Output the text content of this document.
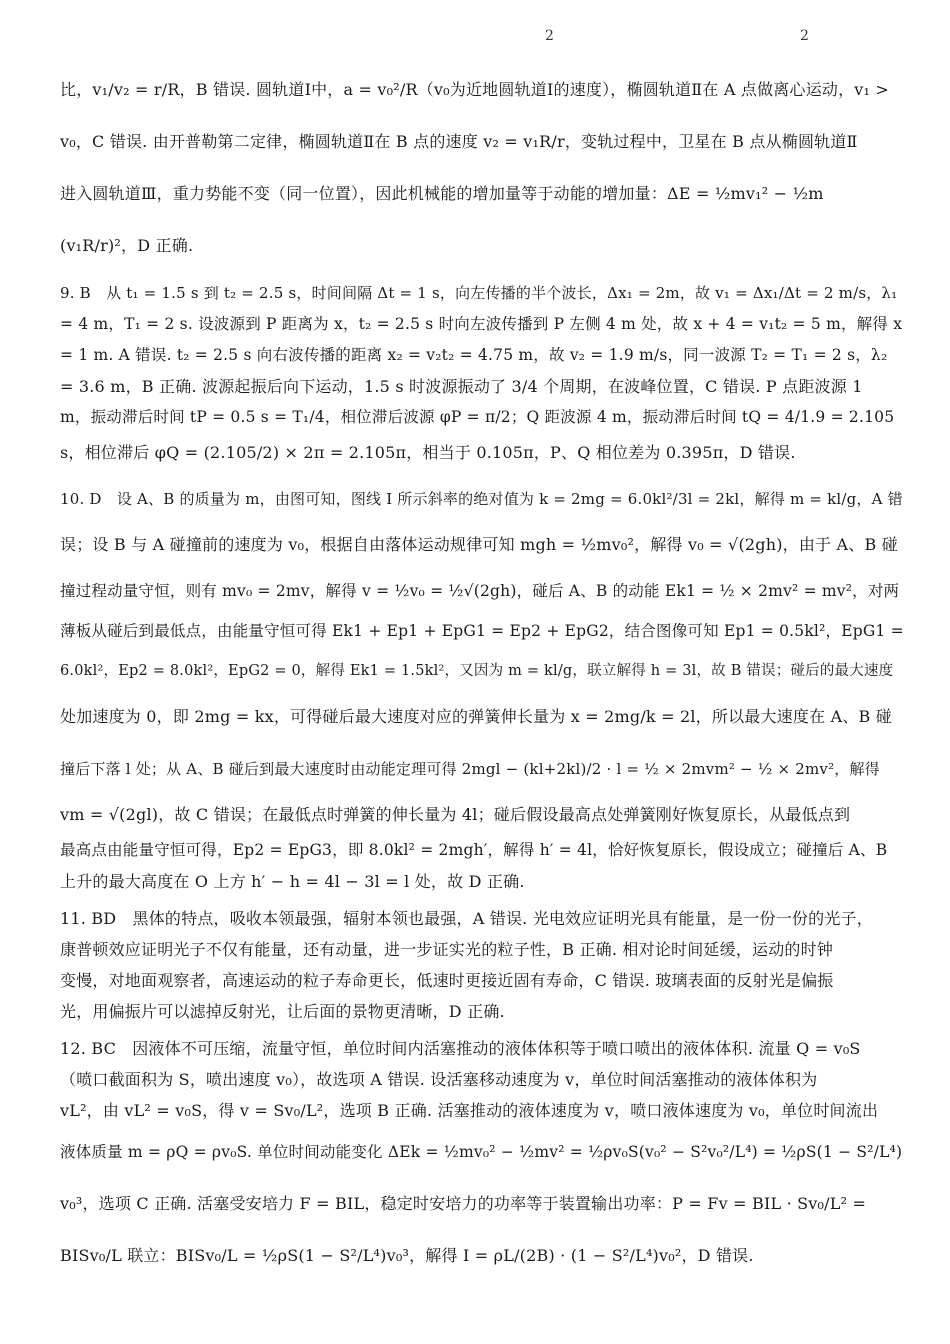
2	2
比，v₁/v₂ = r/R，B 错误. 圆轨道Ⅰ中，a = v₀²/R（v₀为近地圆轨道Ⅰ的速度），椭圆轨道Ⅱ在 A 点做离心运动，v₁ >
v₀，C 错误. 由开普勒第二定律，椭圆轨道Ⅱ在 B 点的速度 v₂ = v₁R/r，变轨过程中，卫星在 B 点从椭圆轨道Ⅱ
进入圆轨道Ⅲ，重力势能不变（同一位置），因此机械能的增加量等于动能的增加量：ΔE = ½mv₁² − ½m
(v₁R/r)²，D 正确.
9. B　从 t₁ = 1.5 s 到 t₂ = 2.5 s，时间间隔 Δt = 1 s，向左传播的半个波长，Δx₁ = 2m，故 v₁ = Δx₁/Δt = 2 m/s，λ₁
= 4 m，T₁ = 2 s. 设波源到 P 距离为 x，t₂ = 2.5 s 时向左波传播到 P 左侧 4 m 处，故 x + 4 = v₁t₂ = 5 m，解得 x
= 1 m. A 错误. t₂ = 2.5 s 向右波传播的距离 x₂ = v₂t₂ = 4.75 m，故 v₂ = 1.9 m/s，同一波源 T₂ = T₁ = 2 s，λ₂
= 3.6 m，B 正确. 波源起振后向下运动，1.5 s 时波源振动了 3/4 个周期，在波峰位置，C 错误. P 点距波源 1
m，振动滞后时间 tP = 0.5 s = T₁/4，相位滞后波源 φP = π/2；Q 距波源 4 m，振动滞后时间 tQ = 4/1.9 = 2.105
s，相位滞后 φQ = (2.105/2) × 2π = 2.105π，相当于 0.105π，P、Q 相位差为 0.395π，D 错误.
10. D　设 A、B 的质量为 m，由图可知，图线 I 所示斜率的绝对值为 k = 2mg = 6.0kl²/3l = 2kl，解得 m = kl/g，A 错
误；设 B 与 A 碰撞前的速度为 v₀，根据自由落体运动规律可知 mgh = ½mv₀²，解得 v₀ = √(2gh)，由于 A、B 碰
撞过程动量守恒，则有 mv₀ = 2mv，解得 v = ½v₀ = ½√(2gh)，碰后 A、B 的动能 Ek1 = ½ × 2mv² = mv²，对两
薄板从碰后到最低点，由能量守恒可得 Ek1 + Ep1 + EpG1 = Ep2 + EpG2，结合图像可知 Ep1 = 0.5kl²，EpG1 =
6.0kl²，Ep2 = 8.0kl²，EpG2 = 0，解得 Ek1 = 1.5kl²，又因为 m = kl/g，联立解得 h = 3l，故 B 错误；碰后的最大速度
处加速度为 0，即 2mg = kx，可得碰后最大速度对应的弹簧伸长量为 x = 2mg/k = 2l，所以最大速度在 A、B 碰
撞后下落 l 处；从 A、B 碰后到最大速度时由动能定理可得 2mgl − (kl+2kl)/2 · l = ½ × 2mvm² − ½ × 2mv²，解得
vm = √(2gl)，故 C 错误；在最低点时弹簧的伸长量为 4l；碰后假设最高点处弹簧刚好恢复原长，从最低点到
最高点由能量守恒可得，Ep2 = EpG3，即 8.0kl² = 2mgh′，解得 h′ = 4l，恰好恢复原长，假设成立；碰撞后 A、B
上升的最大高度在 O 上方 h′ − h = 4l − 3l = l 处，故 D 正确.
11. BD　黑体的特点，吸收本领最强，辐射本领也最强，A 错误. 光电效应证明光具有能量，是一份一份的光子，
康普顿效应证明光子不仅有能量，还有动量，进一步证实光的粒子性，B 正确. 相对论时间延缓，运动的时钟
变慢，对地面观察者，高速运动的粒子寿命更长，低速时更接近固有寿命，C 错误. 玻璃表面的反射光是偏振
光，用偏振片可以滤掉反射光，让后面的景物更清晰，D 正确.
12. BC　因液体不可压缩，流量守恒，单位时间内活塞推动的液体体积等于喷口喷出的液体体积. 流量 Q = v₀S
（喷口截面积为 S，喷出速度 v₀），故选项 A 错误. 设活塞移动速度为 v，单位时间活塞推动的液体体积为
vL²，由 vL² = v₀S，得 v = Sv₀/L²，选项 B 正确. 活塞推动的液体速度为 v，喷口液体速度为 v₀，单位时间流出
液体质量 m = ρQ = ρv₀S. 单位时间动能变化 ΔEk = ½mv₀² − ½mv² = ½ρv₀S(v₀² − S²v₀²/L⁴) = ½ρS(1 − S²/L⁴)
v₀³，选项 C 正确. 活塞受安培力 F = BIL，稳定时安培力的功率等于装置输出功率：P = Fv = BIL · Sv₀/L² =
BISv₀/L 联立：BISv₀/L = ½ρS(1 − S²/L⁴)v₀³，解得 I = ρL/(2B) · (1 − S²/L⁴)v₀²，D 错误.
